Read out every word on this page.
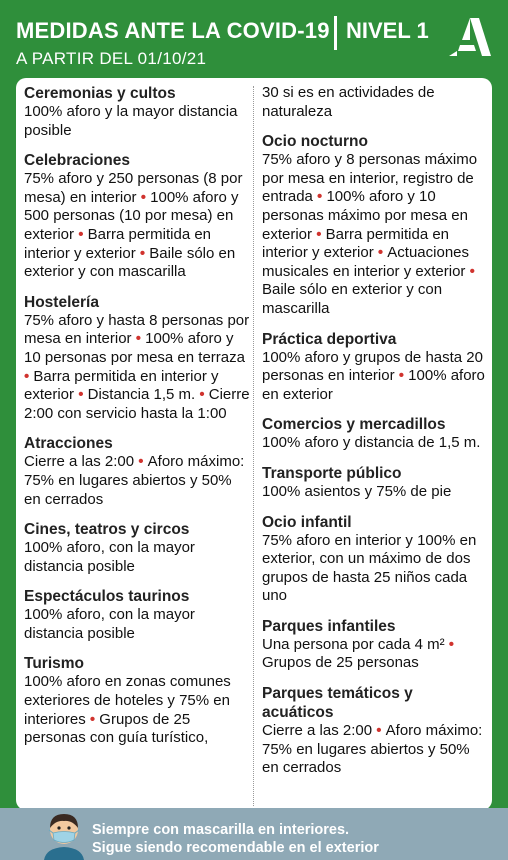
MEDIDAS ANTE LA COVID-19 NIVEL 1
A PARTIR DEL 01/10/21
Ceremonias y cultos
100% aforo y la mayor distancia posible
Celebraciones
75% aforo y 250 personas (8 por mesa) en interior • 100% aforo y 500 personas (10 por mesa) en exterior • Barra permitida en interior y exterior • Baile sólo en exterior y con mascarilla
Hostelería
75% aforo y hasta 8 personas por mesa en interior • 100% aforo y 10 personas por mesa en terraza • Barra permitida en interior y exterior • Distancia 1,5 m. • Cierre 2:00 con servicio hasta la 1:00
Atracciones
Cierre a las 2:00 • Aforo máximo: 75% en lugares abiertos y 50% en cerrados
Cines, teatros y circos
100% aforo, con la mayor distancia posible
Espectáculos taurinos
100% aforo, con la mayor distancia posible
Turismo
100% aforo en zonas comunes exteriores de hoteles y 75% en interiores • Grupos de 25 personas con guía turístico,
30 si es en actividades de naturaleza
Ocio nocturno
75% aforo y 8 personas máximo por mesa en interior, registro de entrada • 100% aforo y 10 personas máximo por mesa en exterior • Barra permitida en interior y exterior • Actuaciones musicales en interior y exterior • Baile sólo en exterior y con mascarilla
Práctica deportiva
100% aforo y grupos de hasta 20 personas en interior • 100% aforo en exterior
Comercios y mercadillos
100% aforo y distancia de 1,5 m.
Transporte público
100% asientos y 75% de pie
Ocio infantil
75% aforo en interior y 100% en exterior, con un máximo de dos grupos de hasta 25 niños cada uno
Parques infantiles
Una persona por cada 4 m² • Grupos de 25 personas
Parques temáticos y acuáticos
Cierre a las 2:00 • Aforo máximo: 75% en lugares abiertos y 50% en cerrados
Siempre con mascarilla en interiores.
Sigue siendo recomendable en el exterior
